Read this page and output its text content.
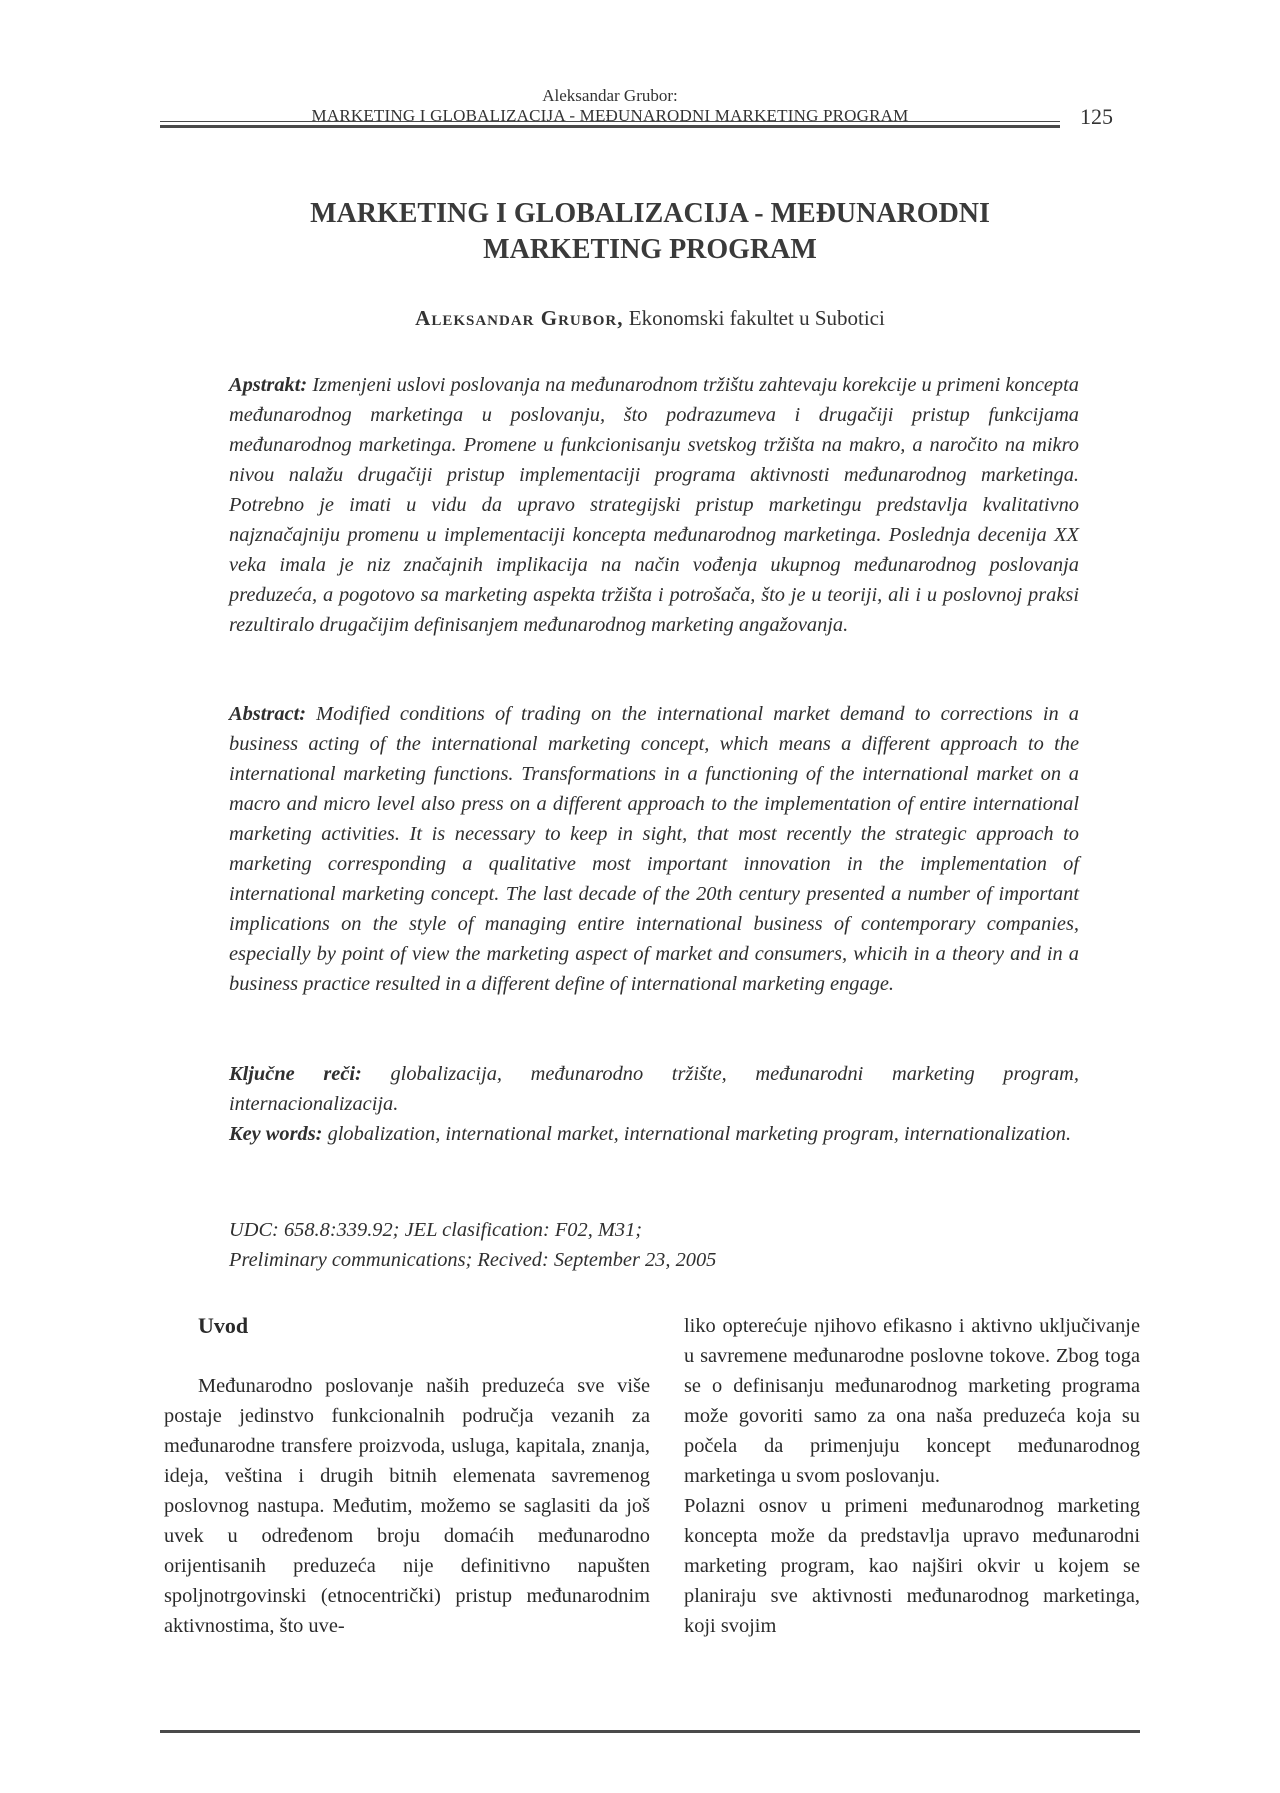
Aleksandar Grubor:
MARKETING I GLOBALIZACIJA - MEĐUNARODNI MARKETING PROGRAM	125
MARKETING I GLOBALIZACIJA - MEĐUNARODNI
MARKETING PROGRAM
Aleksandar Grubor, Ekonomski fakultet u Subotici
Apstrakt: Izmenjeni uslovi poslovanja na međunarodnom tržištu zahtevaju korekcije u primeni koncepta međunarodnog marketinga u poslovanju, što podrazumeva i drugačiji pristup funkcijama međunarodnog marketinga. Promene u funkcionisanju svetskog tržišta na makro, a naročito na mikro nivou nalažu drugačiji pristup implementaciji programa aktivnosti međunarodnog marketinga. Potrebno je imati u vidu da upravo strategijski pristup marketingu predstavlja kvalitativno najznačajniju promenu u implementaciji koncepta međunarodnog marketinga. Poslednja decenija XX veka imala je niz značajnih implikacija na način vođenja ukupnog međunarodnog poslovanja preduzeća, a pogotovo sa marketing aspekta tržišta i potrošača, što je u teoriji, ali i u poslovnoj praksi rezultiralo drugačijim definisanjem međunarodnog marketing angažovanja.
Abstract: Modified conditions of trading on the international market demand to corrections in a business acting of the international marketing concept, which means a different approach to the international marketing functions. Transformations in a functioning of the international market on a macro and micro level also press on a different approach to the implementation of entire international marketing activities. It is necessary to keep in sight, that most recently the strategic approach to marketing corresponding a qualitative most important innovation in the implementation of international marketing concept. The last decade of the 20th century presented a number of important implications on the style of managing entire international business of contemporary companies, especially by point of view the marketing aspect of market and consumers, whicih in a theory and in a business practice resulted in a different define of international marketing engage.
Ključne reči: globalizacija, međunarodno tržište, međunarodni marketing program, internacionalizacija.
Key words: globalization, international market, international marketing program, internationalization.
UDC: 658.8:339.92; JEL clasification: F02, M31;
Preliminary communications; Recived: September 23, 2005
Uvod

Međunarodno poslovanje naših preduzeća sve više postaje jedinstvo funkcionalnih područja vezanih za međunarodne transfere proizvoda, usluga, kapitala, znanja, ideja, veština i drugih bitnih elemenata savremenog poslovnog nastupa. Međutim, možemo se saglasiti da još uvek u određenom broju domaćih međunarodno orijentisanih preduzeća nije definitivno napušten spoljnotrgovinski (etnocentrički) pristup međunarodnim aktivnostima, što uve-

liko opterećuje njihovo efikasno i aktivno uključivanje u savremene međunarodne poslovne tokove. Zbog toga se o definisanju međunarodnog marketing programa može govoriti samo za ona naša preduzeća koja su počela da primenjuju koncept međunarodnog marketinga u svom poslovanju.

Polazni osnov u primeni međunarodnog marketing koncepta može da predstavlja upravo međunarodni marketing program, kao najširi okvir u kojem se planiraju sve aktivnosti međunarodnog marketinga, koji svojim
